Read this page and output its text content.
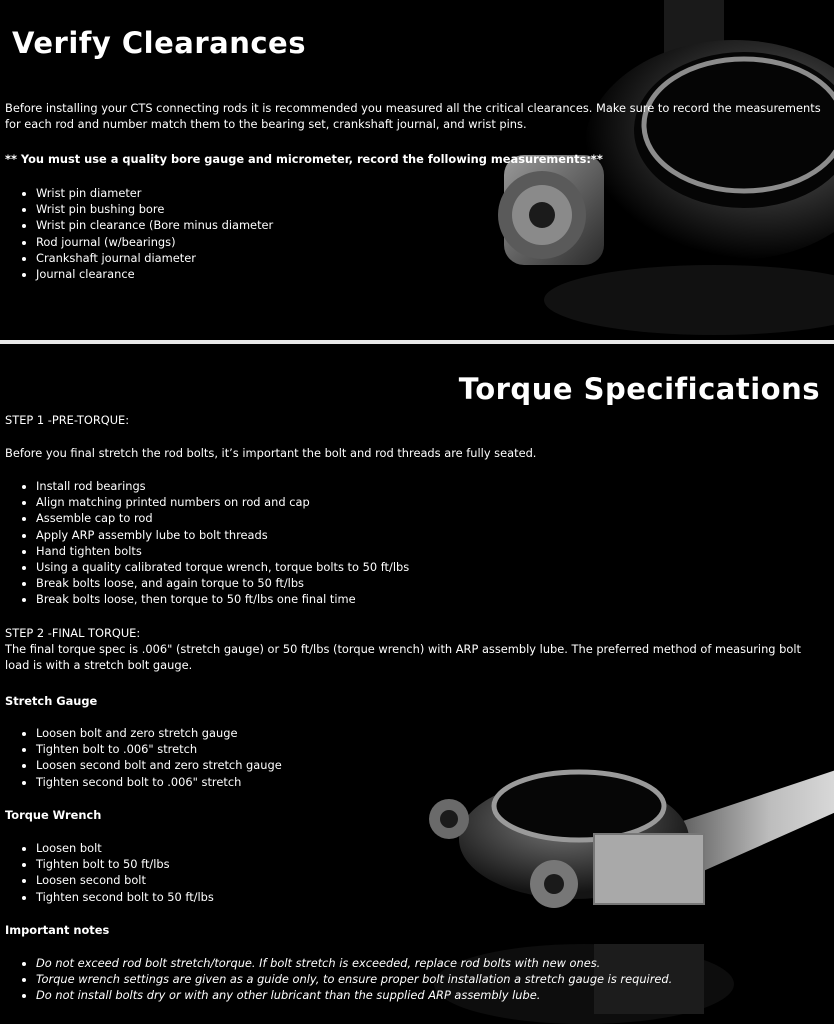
Verify Clearances
Before installing your CTS connecting rods it is recommended you measured all the critical clearances. Make sure to record the measurements for each rod and number match them to the bearing set, crankshaft journal, and wrist pins.
** You must use a quality bore gauge and micrometer, record the following measurements:**
• Wrist pin diameter
• Wrist pin bushing bore
• Wrist pin clearance (Bore minus diameter
• Rod journal (w/bearings)
• Crankshaft journal diameter
• Journal clearance
Torque Specifications
STEP 1 -PRE-TORQUE:
Before you final stretch the rod bolts, it’s important the bolt and rod threads are fully seated.
• Install rod bearings
• Align matching printed numbers on rod and cap
• Assemble cap to rod
• Apply ARP assembly lube to bolt threads
• Hand tighten bolts
• Using a quality calibrated torque wrench, torque bolts to 50 ft/lbs
• Break bolts loose, and again torque to 50 ft/lbs
• Break bolts loose, then torque to 50 ft/lbs one final time
STEP 2 -FINAL TORQUE:
The final torque spec is .006" (stretch gauge) or 50 ft/lbs (torque wrench) with ARP assembly lube. The preferred method of measuring bolt load is with a stretch bolt gauge.
Stretch Gauge
• Loosen bolt and zero stretch gauge
• Tighten bolt to .006" stretch
• Loosen second bolt and zero stretch gauge
• Tighten second bolt to .006" stretch
Torque Wrench
• Loosen bolt
• Tighten bolt to 50 ft/lbs
• Loosen second bolt
• Tighten second bolt to 50 ft/lbs
Important notes
• Do not exceed rod bolt stretch/torque. If bolt stretch is exceeded, replace rod bolts with new ones.
• Torque wrench settings are given as a guide only, to ensure proper bolt installation a stretch gauge is required.
• Do not install bolts dry or with any other lubricant than the supplied ARP assembly lube.
